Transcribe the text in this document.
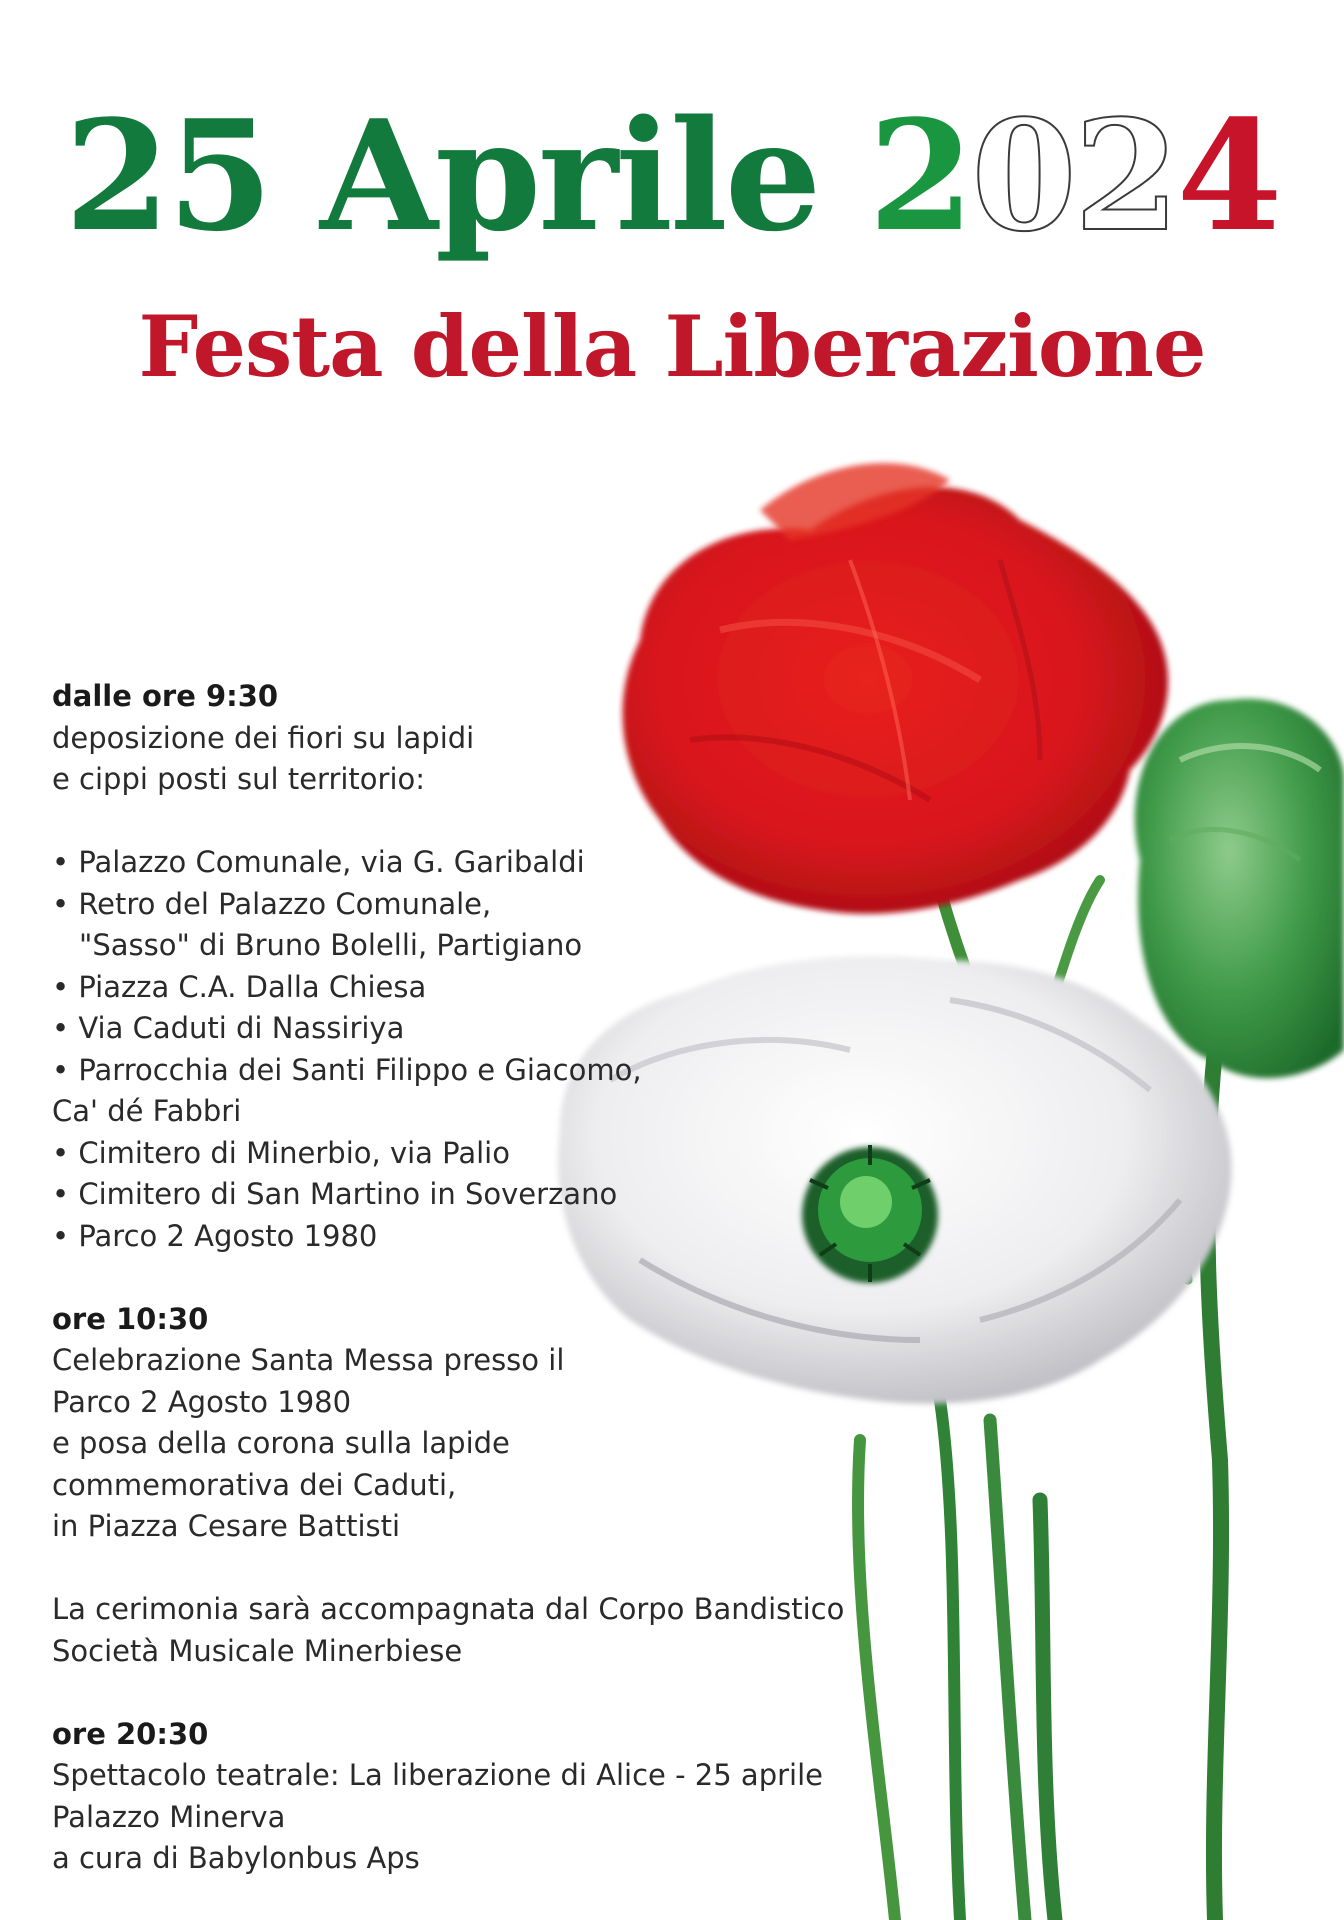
25 Aprile 2024
Festa della Liberazione
dalle ore 9:30
deposizione dei fiori su lapidi
e cippi posti sul territorio:
• Palazzo Comunale, via G. Garibaldi
• Retro del Palazzo Comunale,
"Sasso" di Bruno Bolelli, Partigiano
• Piazza C.A. Dalla Chiesa
• Via Caduti di Nassiriya
• Parrocchia dei Santi Filippo e Giacomo,
Ca' dé Fabbri
• Cimitero di Minerbio, via Palio
• Cimitero di San Martino in Soverzano
• Parco 2 Agosto 1980
ore 10:30
Celebrazione Santa Messa presso il
Parco 2 Agosto 1980
e posa della corona sulla lapide
commemorativa dei Caduti,
in Piazza Cesare Battisti
La cerimonia sarà accompagnata dal Corpo Bandistico
Società Musicale Minerbiese
ore 20:30
Spettacolo teatrale: La liberazione di Alice - 25 aprile
Palazzo Minerva
a cura di Babylonbus Aps
